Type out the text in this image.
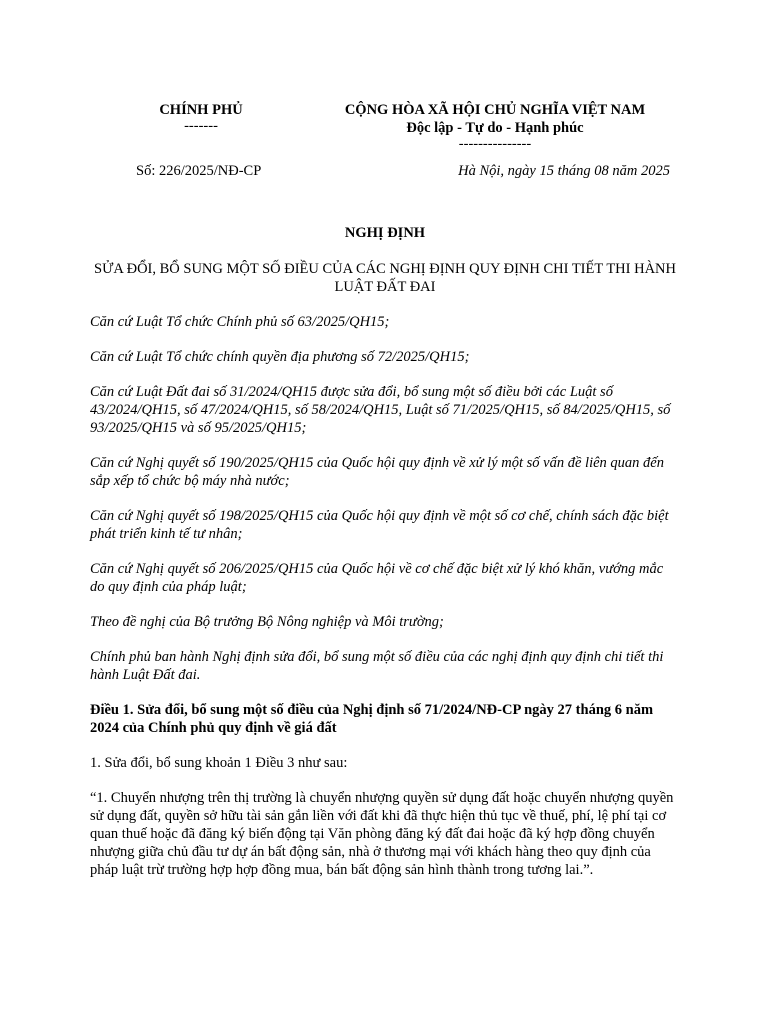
CHÍNH PHỦ
-------
CỘNG HÒA XÃ HỘI CHỦ NGHĨA VIỆT NAM
Độc lập - Tự do - Hạnh phúc
---------------
Số: 226/2025/NĐ-CP	Hà Nội, ngày 15 tháng 08 năm 2025

NGHỊ ĐỊNH

SỬA ĐỔI, BỔ SUNG MỘT SỐ ĐIỀU CỦA CÁC NGHỊ ĐỊNH QUY ĐỊNH CHI TIẾT THI HÀNH LUẬT ĐẤT ĐAI

Căn cứ Luật Tổ chức Chính phủ số 63/2025/QH15;

Căn cứ Luật Tổ chức chính quyền địa phương số 72/2025/QH15;

Căn cứ Luật Đất đai số 31/2024/QH15 được sửa đổi, bổ sung một số điều bởi các Luật số 43/2024/QH15, số 47/2024/QH15, số 58/2024/QH15, Luật số 71/2025/QH15, số 84/2025/QH15, số 93/2025/QH15 và số 95/2025/QH15;

Căn cứ Nghị quyết số 190/2025/QH15 của Quốc hội quy định về xử lý một số vấn đề liên quan đến sắp xếp tổ chức bộ máy nhà nước;

Căn cứ Nghị quyết số 198/2025/QH15 của Quốc hội quy định về một số cơ chế, chính sách đặc biệt phát triển kinh tế tư nhân;

Căn cứ Nghị quyết số 206/2025/QH15 của Quốc hội về cơ chế đặc biệt xử lý khó khăn, vướng mắc do quy định của pháp luật;

Theo đề nghị của Bộ trưởng Bộ Nông nghiệp và Môi trường;

Chính phủ ban hành Nghị định sửa đổi, bổ sung một số điều của các nghị định quy định chi tiết thi hành Luật Đất đai.

Điều 1. Sửa đổi, bổ sung một số điều của Nghị định số 71/2024/NĐ-CP ngày 27 tháng 6 năm 2024 của Chính phủ quy định về giá đất

1. Sửa đổi, bổ sung khoản 1 Điều 3 như sau:

“1. Chuyển nhượng trên thị trường là chuyển nhượng quyền sử dụng đất hoặc chuyển nhượng quyền sử dụng đất, quyền sở hữu tài sản gắn liền với đất khi đã thực hiện thủ tục về thuế, phí, lệ phí tại cơ quan thuế hoặc đã đăng ký biến động tại Văn phòng đăng ký đất đai hoặc đã ký hợp đồng chuyển nhượng giữa chủ đầu tư dự án bất động sản, nhà ở thương mại với khách hàng theo quy định của pháp luật trừ trường hợp hợp đồng mua, bán bất động sản hình thành trong tương lai.”.
